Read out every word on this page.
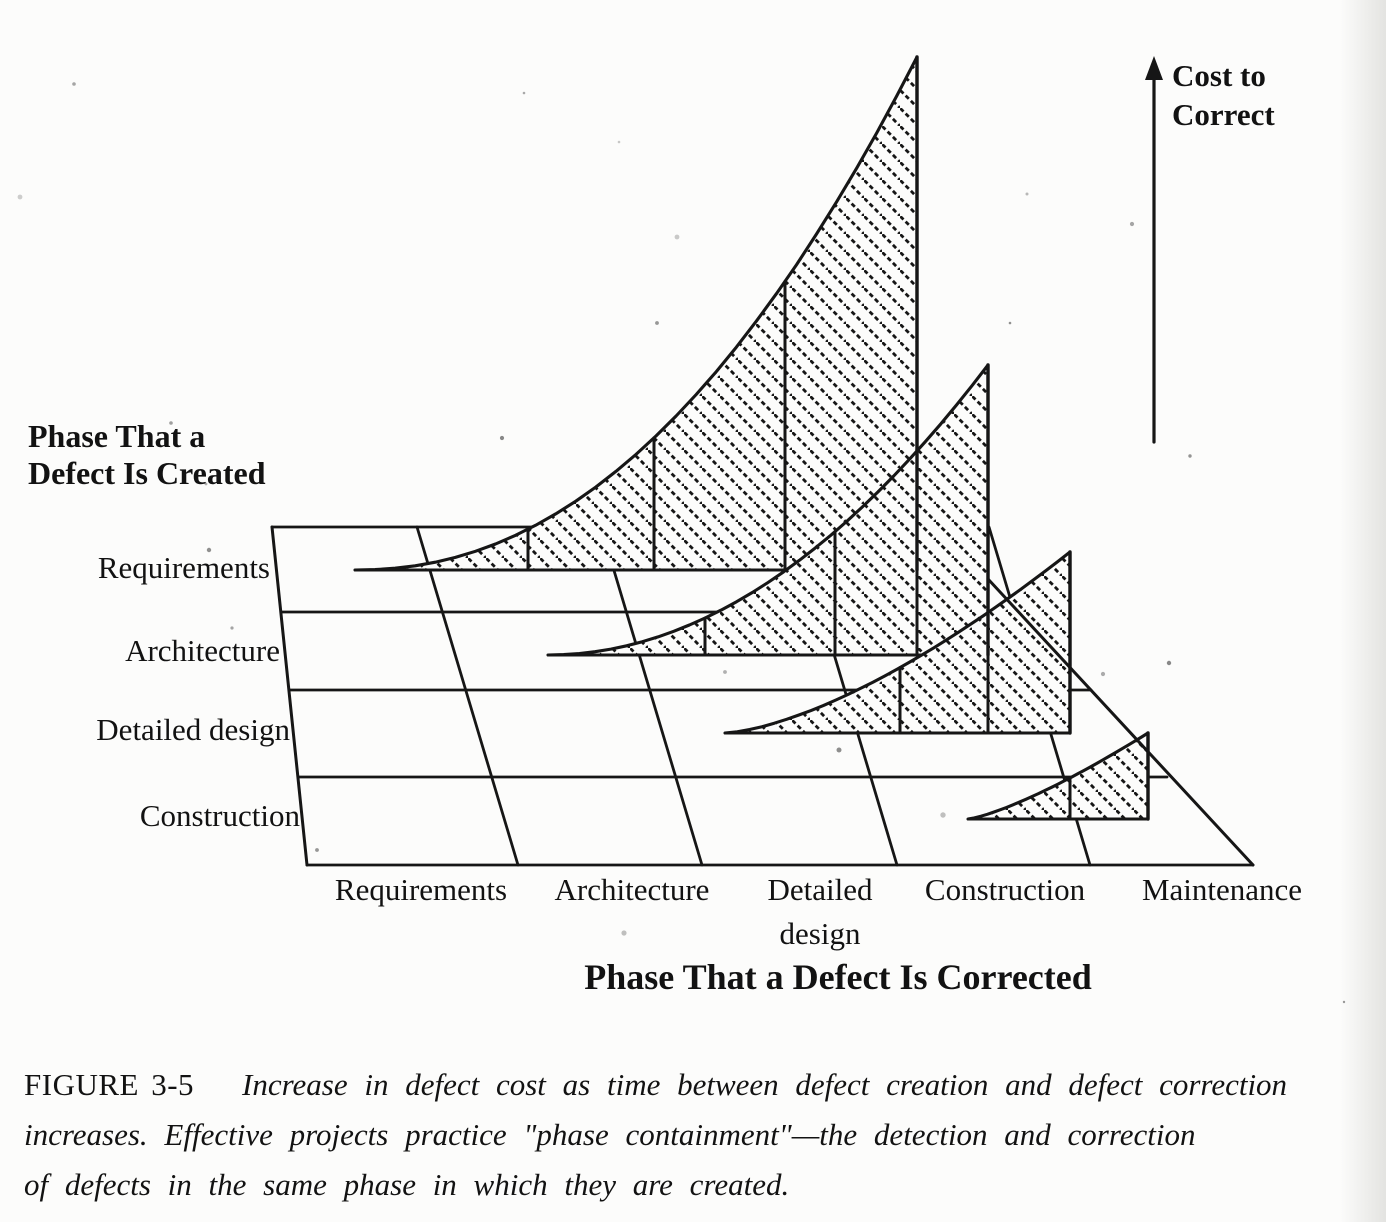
Cost to
Correct
Phase That a
Defect Is Created
Requirements
Architecture
Detailed design
Construction
Requirements	Architecture	Detailed
design
Construction	Maintenance
Phase That a Defect Is Corrected
FIGURE 3-5 Increase in defect cost as time between defect creation and defect correction
increases. Effective projects practice "phase containment"—the detection and correction
of defects in the same phase in which they are created.
